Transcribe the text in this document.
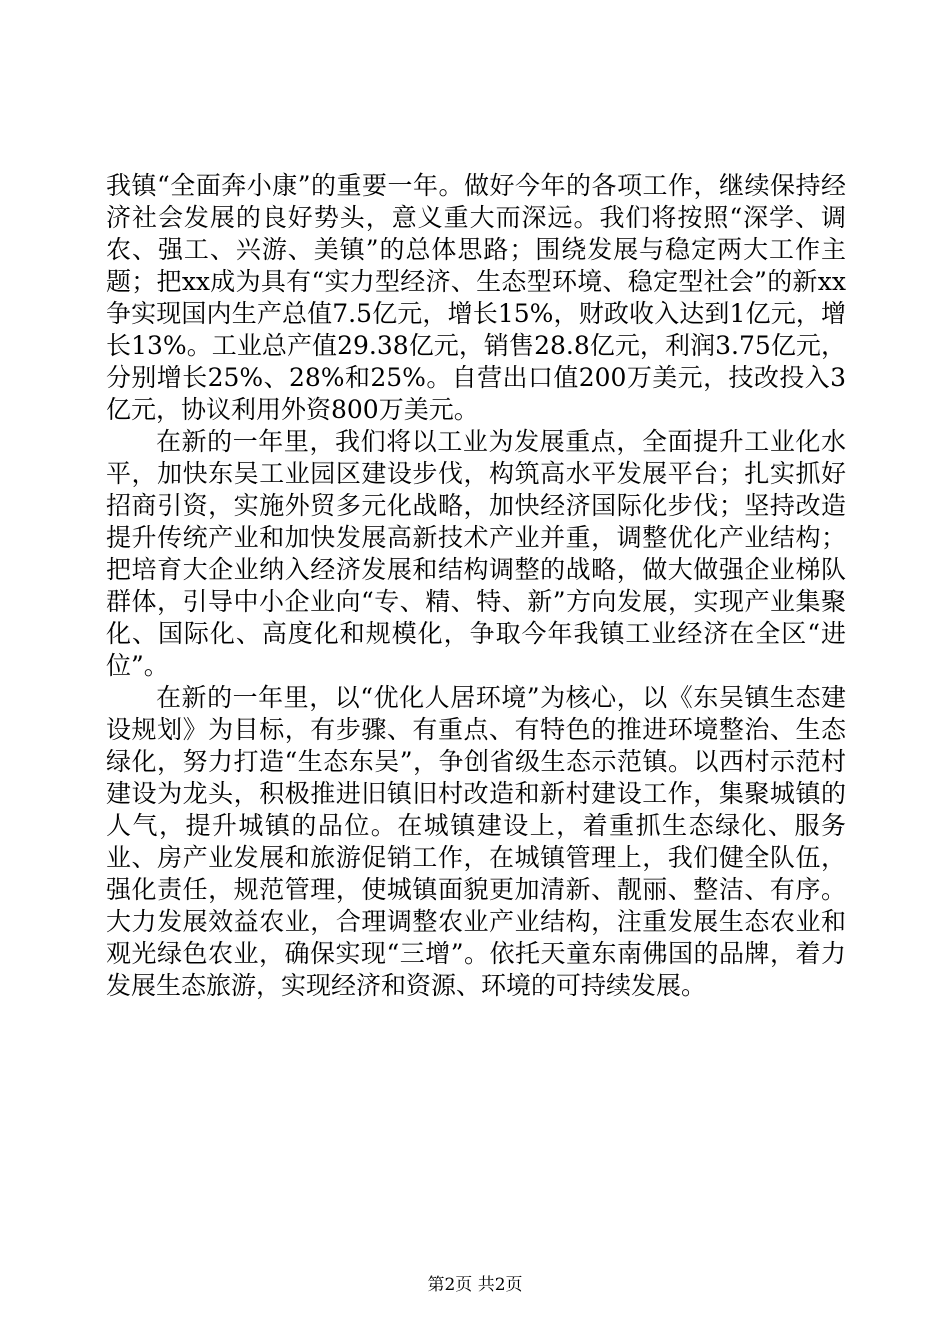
我镇“全面奔小康”的重要一年。做好今年的各项工作，继续保持经济社会发展的良好势头，意义重大而深远。我们将按照“深学、调农、强工、兴游、美镇”的总体思路；围绕发展与稳定两大工作主题；把xx成为具有“实力型经济、生态型环境、稳定型社会”的新xx争实现国内生产总值7.5亿元，增长15%，财政收入达到1亿元，增长13%。工业总产值29.38亿元，销售28.8亿元，利润3.75亿元，分别增长25%、28%和25%。自营出口值200万美元，技改投入3亿元，协议利用外资800万美元。

在新的一年里，我们将以工业为发展重点，全面提升工业化水平，加快东吴工业园区建设步伐，构筑高水平发展平台；扎实抓好招商引资，实施外贸多元化战略，加快经济国际化步伐；坚持改造提升传统产业和加快发展高新技术产业并重，调整优化产业结构；把培育大企业纳入经济发展和结构调整的战略，做大做强企业梯队群体，引导中小企业向“专、精、特、新”方向发展，实现产业集聚化、国际化、高度化和规模化，争取今年我镇工业经济在全区“进位”。

在新的一年里，以“优化人居环境”为核心，以《东吴镇生态建设规划》为目标，有步骤、有重点、有特色的推进环境整治、生态绿化，努力打造“生态东吴”，争创省级生态示范镇。以西村示范村建设为龙头，积极推进旧镇旧村改造和新村建设工作，集聚城镇的人气，提升城镇的品位。在城镇建设上，着重抓生态绿化、服务业、房产业发展和旅游促销工作，在城镇管理上，我们健全队伍，强化责任，规范管理，使城镇面貌更加清新、靓丽、整洁、有序。大力发展效益农业，合理调整农业产业结构，注重发展生态农业和观光绿色农业，确保实现“三增”。依托天童东南佛国的品牌，着力发展生态旅游，实现经济和资源、环境的可持续发展。

第2页 共2页
